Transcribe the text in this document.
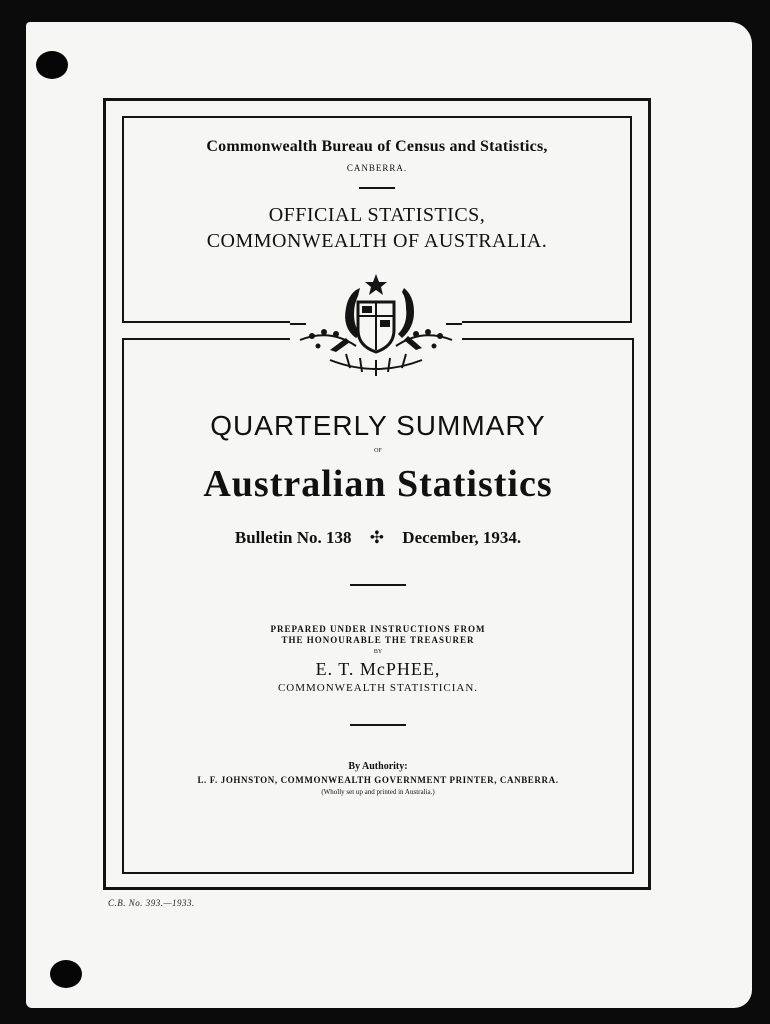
Commonwealth Bureau of Census and Statistics,
CANBERRA.
OFFICIAL STATISTICS,
COMMONWEALTH OF AUSTRALIA.
QUARTERLY SUMMARY
OF
Australian Statistics
Bulletin No. 138 ✣ December, 1934.
PREPARED UNDER INSTRUCTIONS FROM
THE HONOURABLE THE TREASURER
BY
E. T. McPHEE,
COMMONWEALTH STATISTICIAN.
By Authority:
L. F. JOHNSTON, COMMONWEALTH GOVERNMENT PRINTER, CANBERRA.
(Wholly set up and printed in Australia.)
C.B. No. 393.—1933.
